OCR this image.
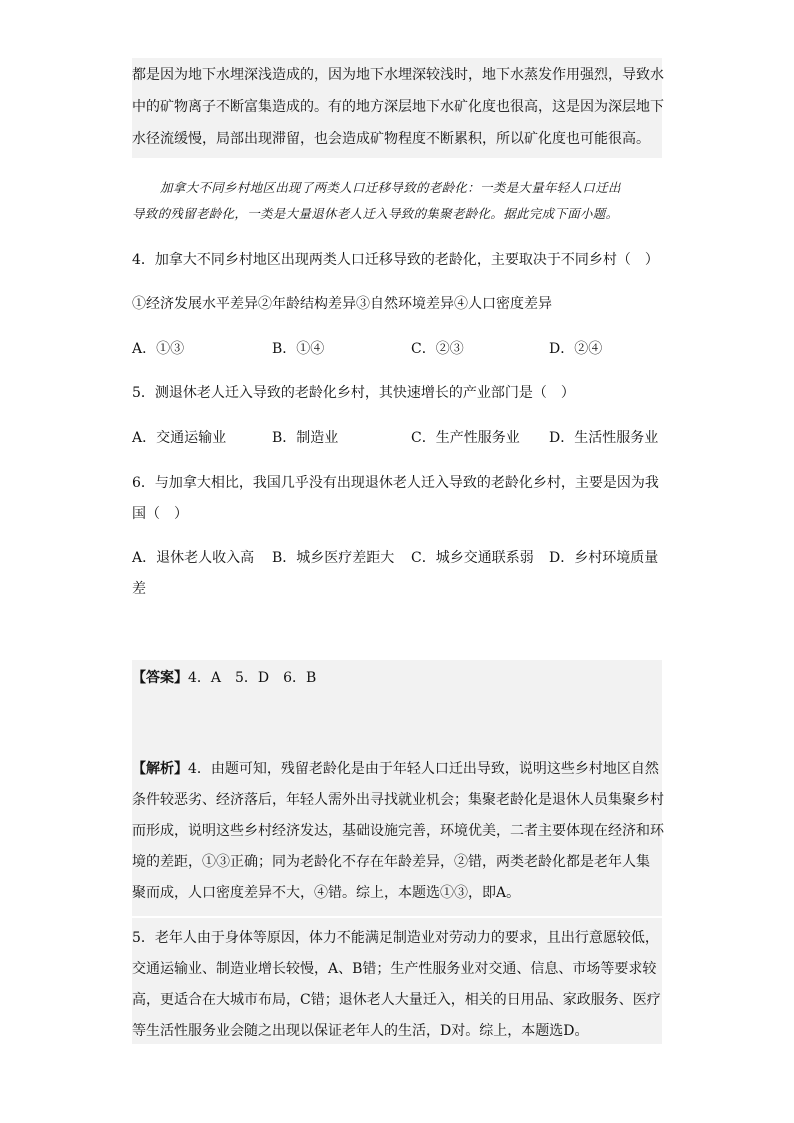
都是因为地下水埋深浅造成的，因为地下水埋深较浅时，地下水蒸发作用强烈，导致水
中的矿物离子不断富集造成的。有的地方深层地下水矿化度也很高，这是因为深层地下
水径流缓慢，局部出现滞留，也会造成矿物程度不断累积，所以矿化度也可能很高。
加拿大不同乡村地区出现了两类人口迁移导致的老龄化：一类是大量年轻人口迁出
导致的残留老龄化，一类是大量退休老人迁入导致的集聚老龄化。据此完成下面小题。
4．加拿大不同乡村地区出现两类人口迁移导致的老龄化，主要取决于不同乡村（　）
①经济发展水平差异②年龄结构差异③自然环境差异④人口密度差异
A．①③	B．①④	C．②③	D．②④
5．测退休老人迁入导致的老龄化乡村，其快速增长的产业部门是（　）
A．交通运输业	B．制造业	C．生产性服务业 D．生活性服务业
6．与加拿大相比，我国几乎没有出现退休老人迁入导致的老龄化乡村，主要是因为我
国（　）
A．退休老人收入高 B．城乡医疗差距大 C．城乡交通联系弱 D．乡村环境质量
差
【答案】4．A　5．D　6．B
【解析】4．由题可知，残留老龄化是由于年轻人口迁出导致，说明这些乡村地区自然
条件较恶劣、经济落后，年轻人需外出寻找就业机会；集聚老龄化是退休人员集聚乡村
而形成，说明这些乡村经济发达，基础设施完善，环境优美，二者主要体现在经济和环
境的差距，①③正确；同为老龄化不存在年龄差异，②错，两类老龄化都是老年人集
聚而成，人口密度差异不大，④错。综上，本题选①③，即A。
5．老年人由于身体等原因，体力不能满足制造业对劳动力的要求，且出行意愿较低，
交通运输业、制造业增长较慢，A、B错；生产性服务业对交通、信息、市场等要求较
高，更适合在大城市布局，C错；退休老人大量迁入，相关的日用品、家政服务、医疗
等生活性服务业会随之出现以保证老年人的生活，D对。综上，本题选D。
